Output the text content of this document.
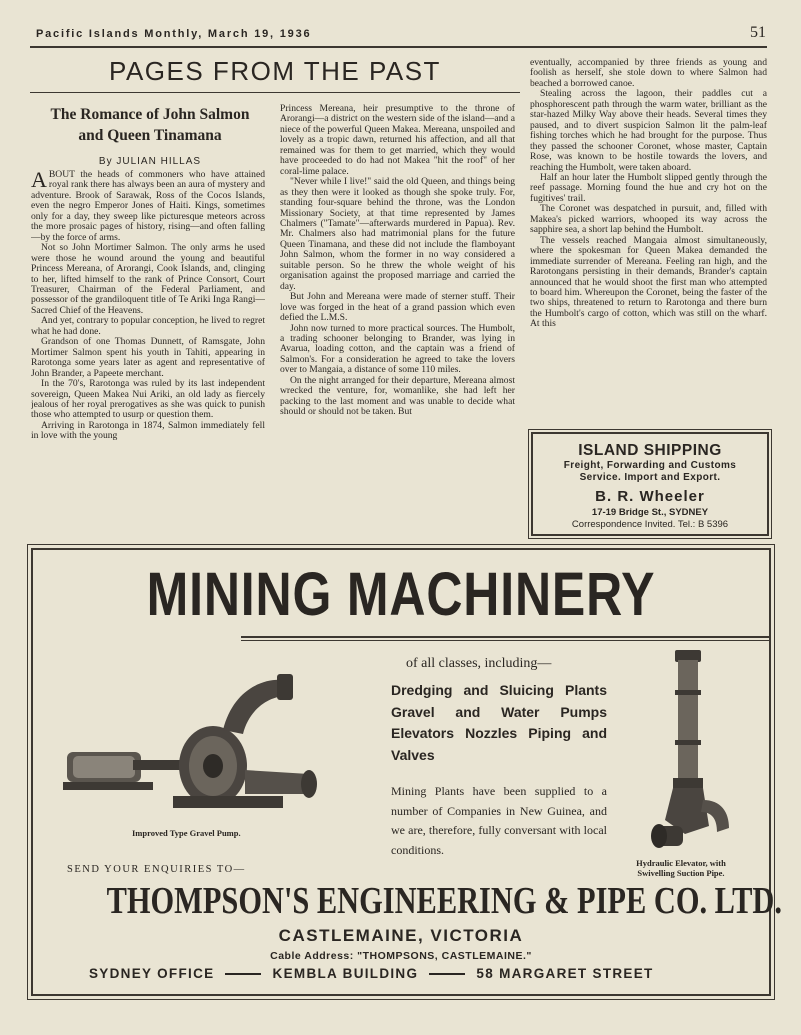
Pacific Islands Monthly, March 19, 1936	51
PAGES FROM THE PAST
The Romance of John Salmon
and Queen Tinamana
By JULIAN HILLAS

ABOUT the heads of commoners who have attained royal rank there has always been an aura of mystery and adventure. Brook of Sarawak, Ross of the Cocos Islands, even the negro Emperor Jones of Haiti. Kings, sometimes only for a day, they sweep like picturesque meteors across the more prosaic pages of history, rising—and often falling—by the force of arms.

Not so John Mortimer Salmon. The only arms he used were those he wound around the young and beautiful Princess Mereana, of Arorangi, Cook Islands, and, clinging to her, lifted himself to the rank of Prince Consort, Court Treasurer, Chairman of the Federal Parliament, and possessor of the grandiloquent title of Te Ariki Inga Rangi—Sacred Chief of the Heavens.

And yet, contrary to popular conception, he lived to regret what he had done.

Grandson of one Thomas Dunnett, of Ramsgate, John Mortimer Salmon spent his youth in Tahiti, appearing in Rarotonga some years later as agent and representative of John Brander, a Papeete merchant.

In the 70's, Rarotonga was ruled by its last independent sovereign, Queen Makea Nui Ariki, an old lady as fiercely jealous of her royal prerogatives as she was quick to punish those who attempted to usurp or question them.

Arriving in Rarotonga in 1874, Salmon immediately fell in love with the young

Princess Mereana, heir presumptive to the throne of Arorangi—a district on the western side of the island—and a niece of the powerful Queen Makea. Mereana, unspoiled and lovely as a tropic dawn, returned his affection, and all that remained was for them to get married, which they would have proceeded to do had not Makea "hit the roof" of her coral-lime palace.

"Never while I live!" said the old Queen, and things being as they then were it looked as though she spoke truly. For, standing four-square behind the throne, was the London Missionary Society, at that time represented by James Chalmers ("Tamate"—afterwards murdered in Papua). Rev. Mr. Chalmers also had matrimonial plans for the future Queen Tinamana, and these did not include the flamboyant John Salmon, whom the former in no way considered a suitable person. So he threw the whole weight of his organisation against the proposed marriage and carried the day.

But John and Mereana were made of sterner stuff. Their love was forged in the heat of a grand passion which even defied the L.M.S.

John now turned to more practical sources. The Humbolt, a trading schooner belonging to Brander, was lying in Avarua, loading cotton, and the captain was a friend of Salmon's. For a consideration he agreed to take the lovers over to Mangaia, a distance of some 110 miles.

On the night arranged for their departure, Mereana almost wrecked the venture, for, womanlike, she had left her packing to the last moment and was unable to decide what should or should not be taken. But

eventually, accompanied by three friends as young and foolish as herself, she stole down to where Salmon had beached a borrowed canoe.

Stealing across the lagoon, their paddles cut a phosphorescent path through the warm water, brilliant as the star-hazed Milky Way above their heads. Several times they paused, and to divert suspicion Salmon lit the palm-leaf fishing torches which he had brought for the purpose. Thus they passed the schooner Coronet, whose master, Captain Rose, was known to be hostile towards the lovers, and reaching the Humbolt, were taken aboard.

Half an hour later the Humbolt slipped gently through the reef passage. Morning found the hue and cry hot on the fugitives' trail.

The Coronet was despatched in pursuit, and, filled with Makea's picked warriors, whooped its way across the sapphire sea, a short lap behind the Humbolt.

The vessels reached Mangaia almost simultaneously, where the spokesman for Queen Makea demanded the immediate surrender of Mereana. Feeling ran high, and the Rarotongans persisting in their demands, Brander's captain announced that he would shoot the first man who attempted to board him. Whereupon the Coronet, being the faster of the two ships, threatened to return to Rarotonga and there burn the Humbolt's cargo of cotton, which was still on the wharf. At this

ISLAND SHIPPING
Freight, Forwarding and Customs
Service. Import and Export.
B. R. Wheeler
17-19 Bridge St., SYDNEY
Correspondence Invited. Tel.: B 5396
MINING MACHINERY
of all classes, including—
Dredging and Sluicing Plants Gravel and Water Pumps Elevators Nozzles Piping and Valves
Mining Plants have been supplied to a number of Companies in New Guinea, and we are, therefore, fully conversant with local conditions.
Improved Type Gravel Pump.
Hydraulic Elevator, with
Swivelling Suction Pipe.
SEND YOUR ENQUIRIES TO—
THOMPSON'S ENGINEERING & PIPE CO. LTD.
CASTLEMAINE, VICTORIA
Cable Address: "THOMPSONS, CASTLEMAINE."
SYDNEY OFFICE	KEMBLA BUILDING	58 MARGARET STREET
